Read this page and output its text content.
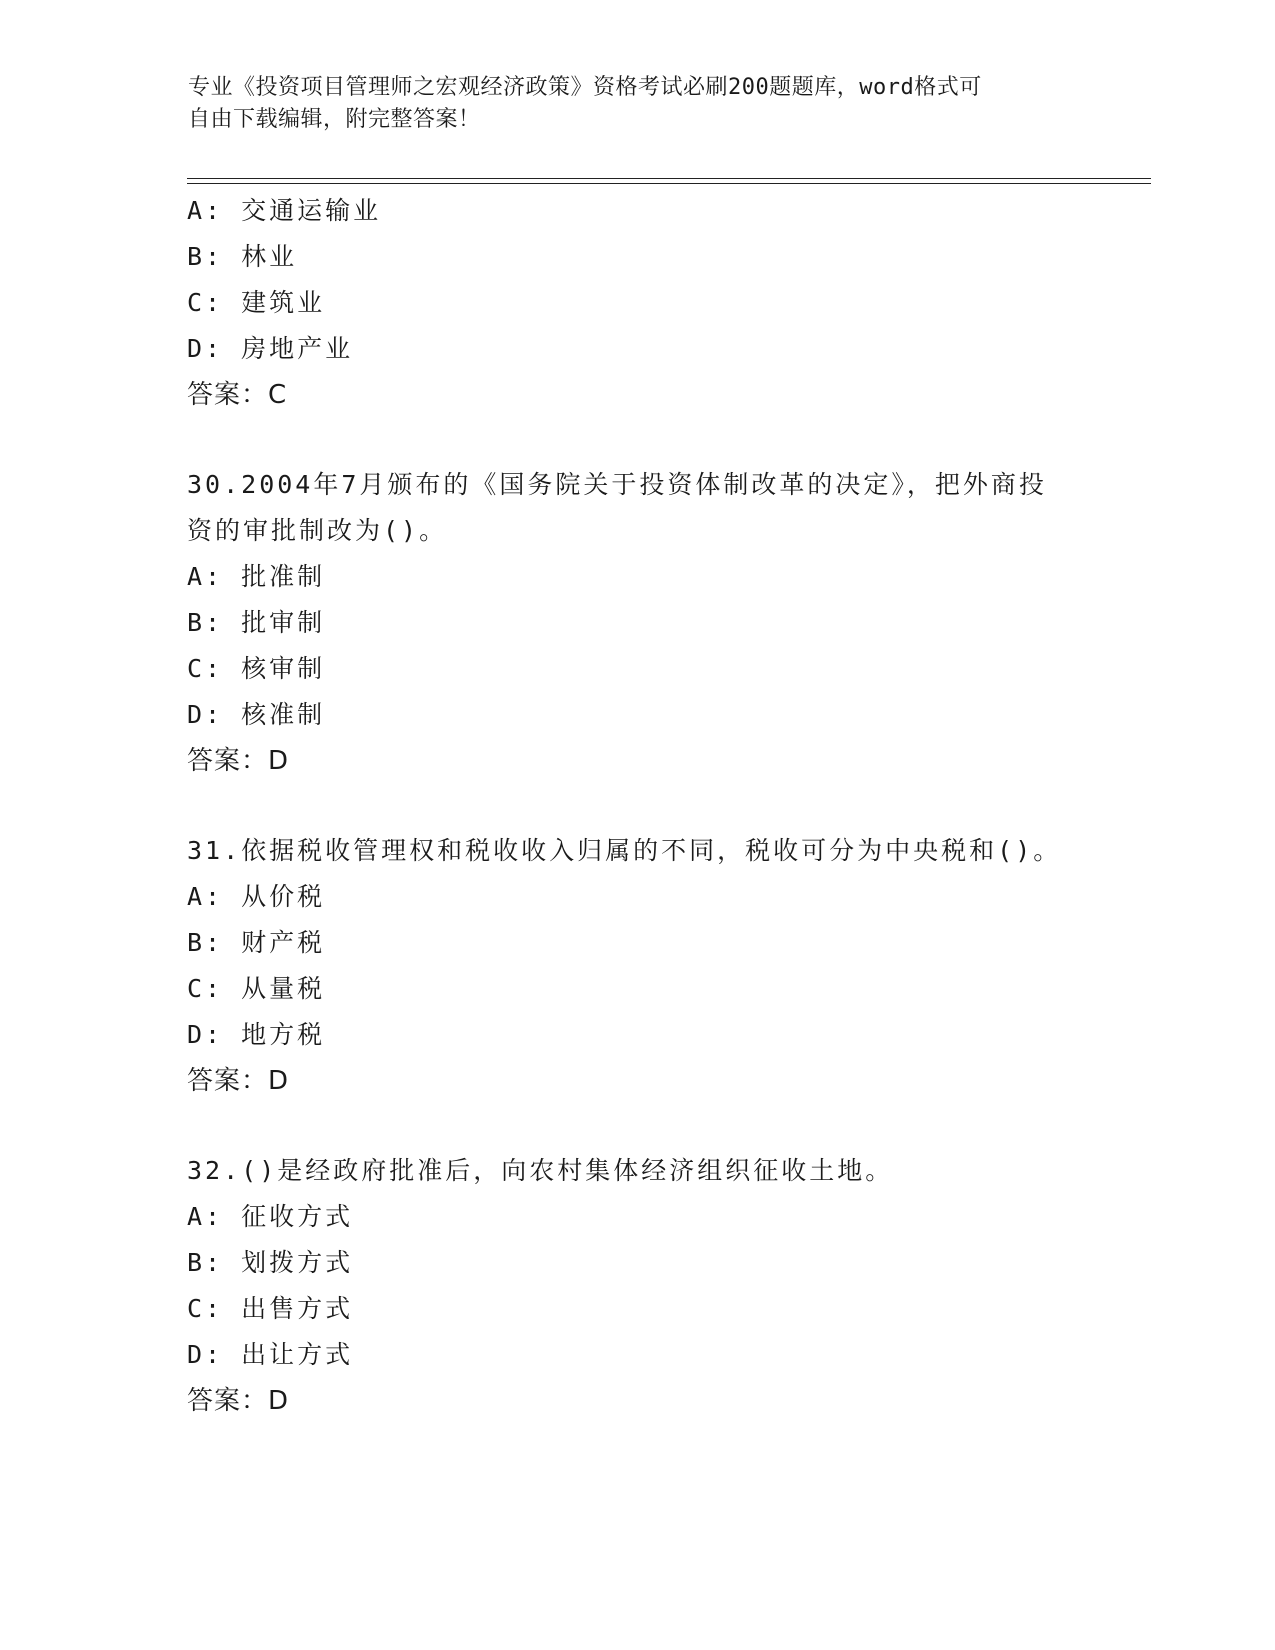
专业《投资项目管理师之宏观经济政策》资格考试必刷200题题库，word格式可
自由下载编辑，附完整答案！
A: 交通运输业
B: 林业
C: 建筑业
D: 房地产业
答案：C
30.2004年7月颁布的《国务院关于投资体制改革的决定》，把外商投
资的审批制改为()。
A: 批准制
B: 批审制
C: 核审制
D: 核准制
答案：D
31.依据税收管理权和税收收入归属的不同，税收可分为中央税和()。
A: 从价税
B: 财产税
C: 从量税
D: 地方税
答案：D
32.()是经政府批准后，向农村集体经济组织征收土地。
A: 征收方式
B: 划拨方式
C: 出售方式
D: 出让方式
答案：D
